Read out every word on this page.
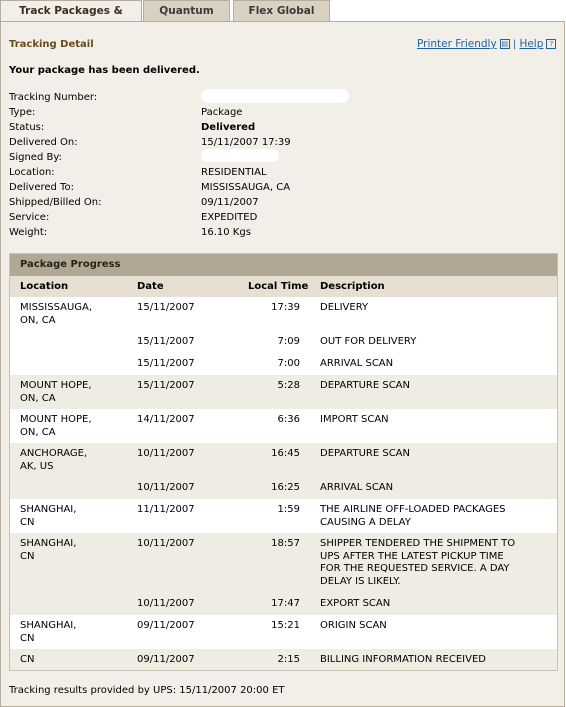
Track Packages &	Quantum	Flex Global
Tracking Detail	Printer Friendly ▤ | Help ?
Your package has been delivered.
Tracking Number:
Type:	Package
Status:	Delivered
Delivered On:	15/11/2007 17:39
Signed By:
Location:	RESIDENTIAL
Delivered To:	MISSISSAUGA, CA
Shipped/Billed On:	09/11/2007
Service:	EXPEDITED
Weight:	16.10 Kgs
Package Progress
Location	Date	Local Time Description
MISSISSAUGA,
ON, CA
15/11/2007	17:39 DELIVERY
15/11/2007	7:09 OUT FOR DELIVERY
15/11/2007	7:00 ARRIVAL SCAN
MOUNT HOPE,
ON, CA
15/11/2007	5:28 DEPARTURE SCAN
MOUNT HOPE,
ON, CA
14/11/2007	6:36 IMPORT SCAN
ANCHORAGE,
AK, US
10/11/2007	16:45 DEPARTURE SCAN
10/11/2007	16:25 ARRIVAL SCAN
SHANGHAI,
CN
11/11/2007	1:59 THE AIRLINE OFF-LOADED PACKAGES
CAUSING A DELAY
SHANGHAI,
CN
10/11/2007	18:57 SHIPPER TENDERED THE SHIPMENT TO
UPS AFTER THE LATEST PICKUP TIME
FOR THE REQUESTED SERVICE. A DAY
DELAY IS LIKELY.
10/11/2007	17:47 EXPORT SCAN
SHANGHAI,
CN
09/11/2007	15:21 ORIGIN SCAN
CN	09/11/2007	2:15 BILLING INFORMATION RECEIVED
Tracking results provided by UPS: 15/11/2007 20:00 ET
